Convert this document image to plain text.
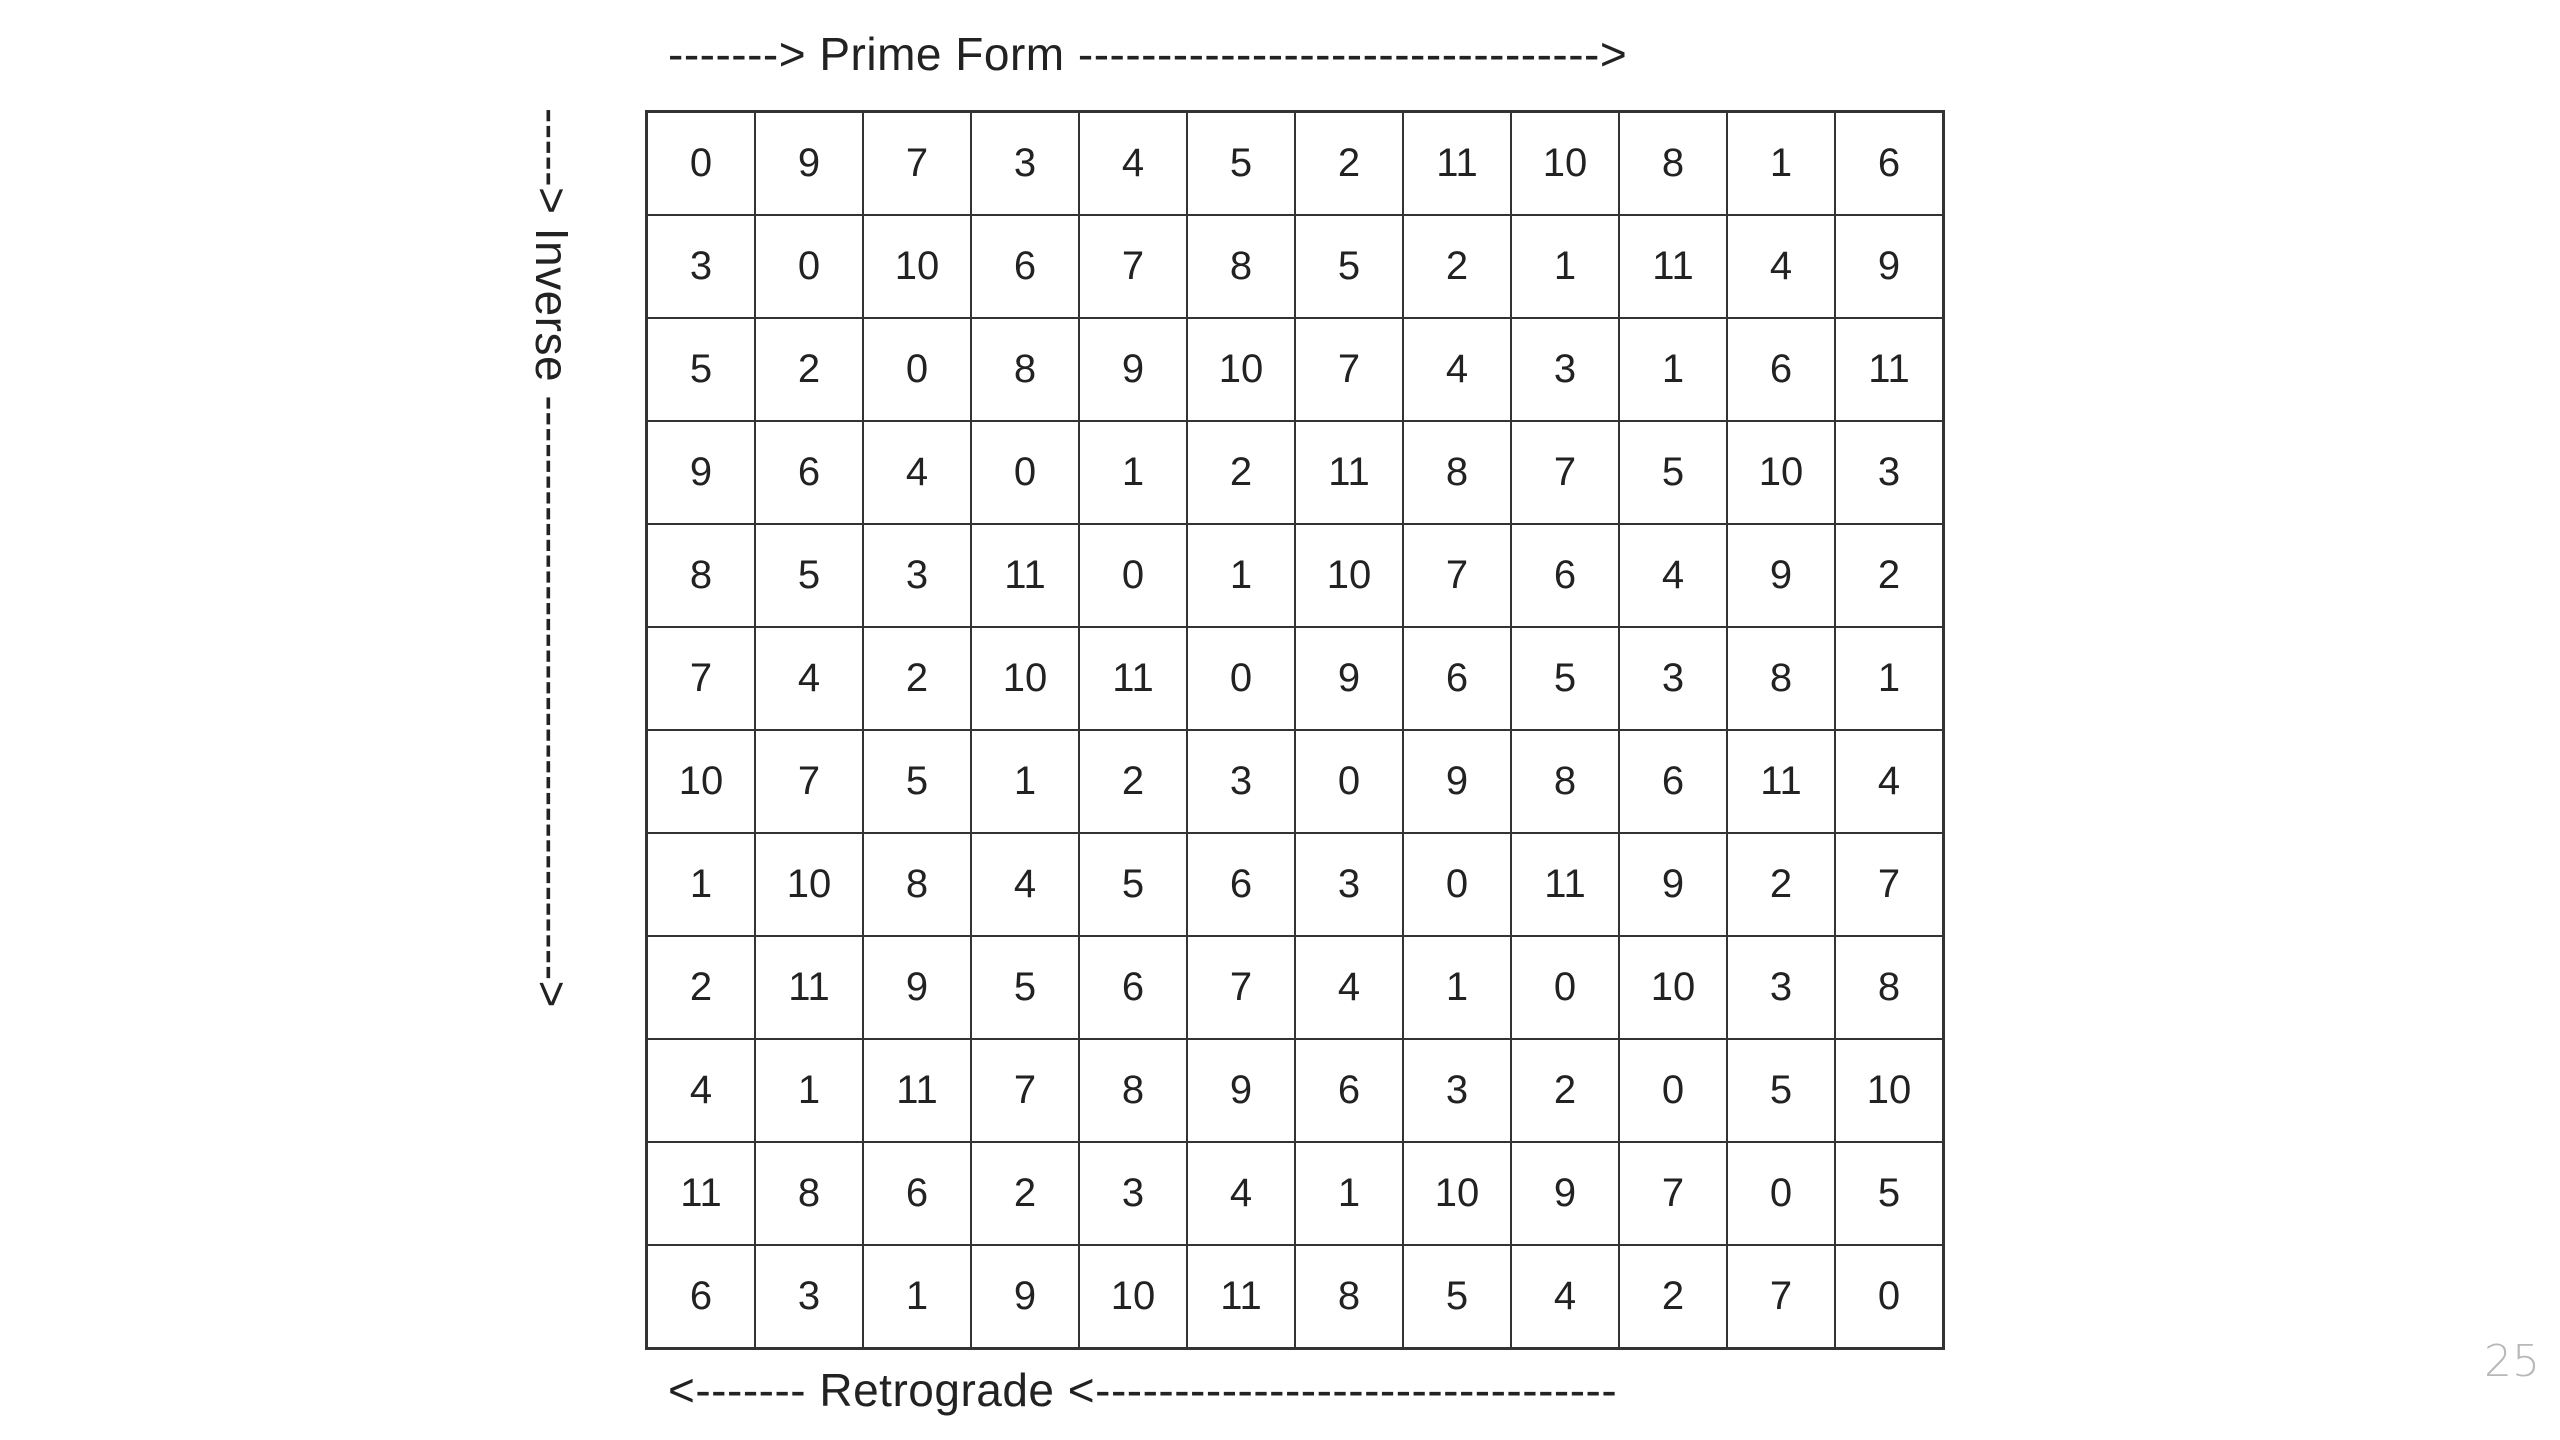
-------> Prime Form --------------------------------->
-----> Inverse ------------------------------------->	0	9	7	3	4	5	2	11	10	8	1	6
3	0	10	6	7	8	5	2	1	11	4	9
5	2	0	8	9	10	7	4	3	1	6	11
9	6	4	0	1	2	11	8	7	5	10	3
8	5	3	11	0	1	10	7	6	4	9	2
7	4	2	10	11	0	9	6	5	3	8	1
10	7	5	1	2	3	0	9	8	6	11	4
1	10	8	4	5	6	3	0	11	9	2	7
2	11	9	5	6	7	4	1	0	10	3	8
4	1	11	7	8	9	6	3	2	0	5	10
11	8	6	2	3	4	1	10	9	7	0	5
6	3	1	9	10	11	8	5	4	2	7	0
<------- Retrograde <---------------------------------
25
